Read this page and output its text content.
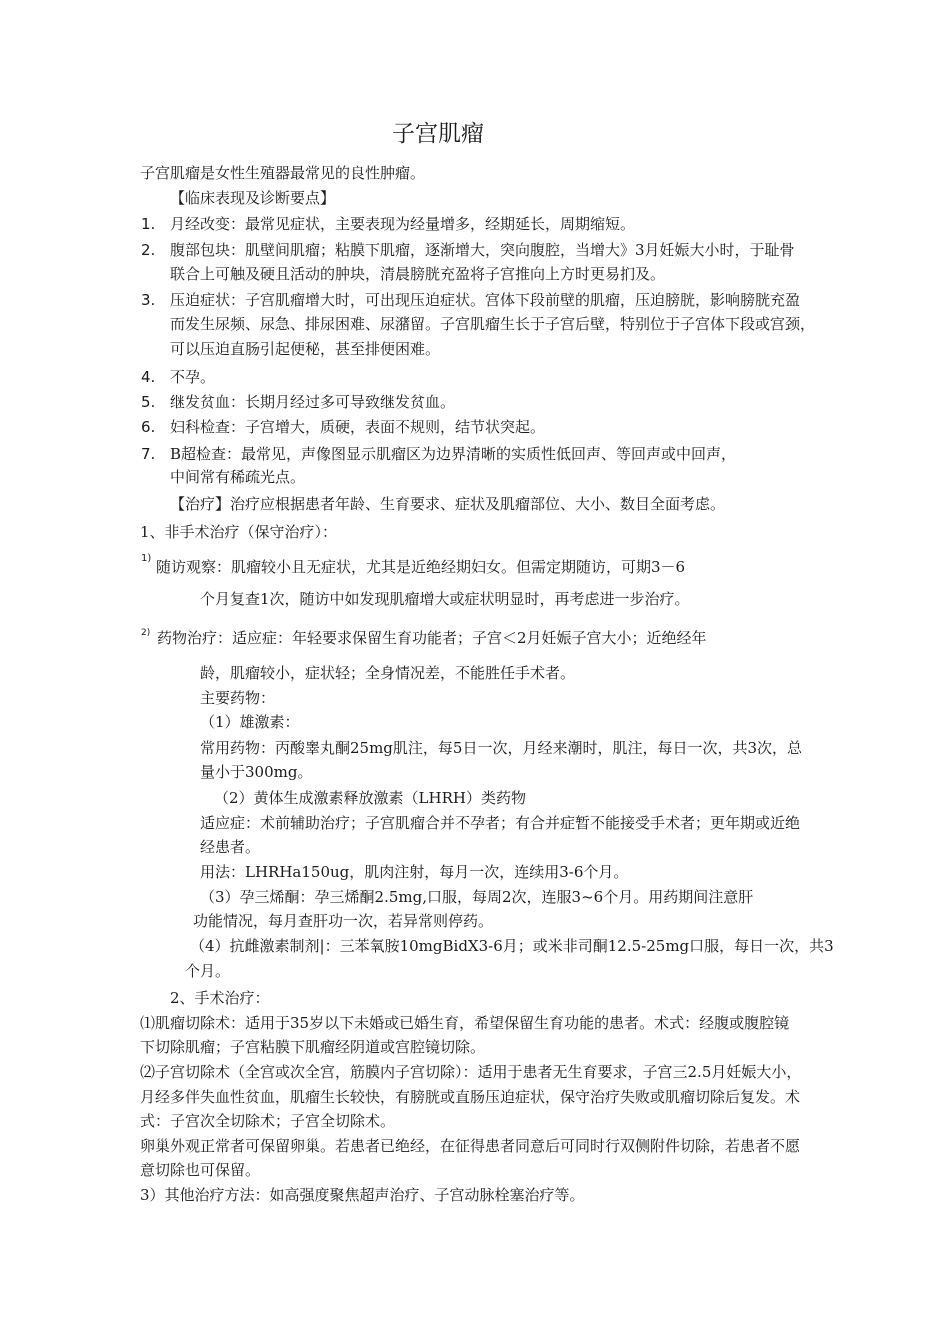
子宫肌瘤
子宫肌瘤是女性生殖器最常见的良性肿瘤。
【临床表现及诊断要点】
1. 月经改变：最常见症状，主要表现为经量增多，经期延长，周期缩短。
2. 腹部包块：肌壁间肌瘤；粘膜下肌瘤，逐渐增大，突向腹腔，当增大》3月妊娠大小时，于耻骨
联合上可触及硬且活动的肿块，清晨膀胱充盈将子宫推向上方时更易扪及。
3. 压迫症状：子宫肌瘤增大时，可出现压迫症状。宫体下段前壁的肌瘤，压迫膀胱，影响膀胱充盈
而发生尿频、尿急、排尿困难、尿潴留。子宫肌瘤生长于子宫后壁，特别位于子宫体下段或宫颈，
可以压迫直肠引起便秘，甚至排便困难。
4. 不孕。
5. 继发贫血：长期月经过多可导致继发贫血。
6. 妇科检查：子宫增大，质硬，表面不规则，结节状突起。
7. B超检查：最常见，声像图显示肌瘤区为边界清晰的实质性低回声、等回声或中回声，
中间常有稀疏光点。
【治疗】治疗应根据患者年龄、生育要求、症状及肌瘤部位、大小、数目全面考虑。
1、非手术治疗（保守治疗）：
1) 随访观察：肌瘤较小且无症状，尤其是近绝经期妇女。但需定期随访，可期3－6
个月复查1次，随访中如发现肌瘤增大或症状明显时，再考虑进一步治疗。
2) 药物治疗：适应症：年轻要求保留生育功能者；子宫＜2月妊娠子宫大小；近绝经年
龄，肌瘤较小，症状轻；全身情况差，不能胜任手术者。
主要药物：
（1）雄激素：
常用药物：丙酸睾丸酮25mg肌注，每5日一次，月经来潮时，肌注，每日一次，共3次，总
量小于300mg。
（2）黄体生成激素释放激素（LHRH）类药物
适应症：术前辅助治疗；子宫肌瘤合并不孕者；有合并症暂不能接受手术者；更年期或近绝
经患者。
用法：LHRHa150ug，肌肉注射，每月一次，连续用3-6个月。
（3）孕三烯酮：孕三烯酮2.5mg,口服，每周2次，连服3~6个月。用药期间注意肝
功能情况，每月查肝功一次，若异常则停药。
（4）抗雌激素制剂|：三苯氧胺10mgBidX3-6月；或米非司酮12.5-25mg口服，每日一次，共3
个月。
2、手术治疗：
⑴肌瘤切除术：适用于35岁以下未婚或已婚生育，希望保留生育功能的患者。术式：经腹或腹腔镜
下切除肌瘤；子宫粘膜下肌瘤经阴道或宫腔镜切除。
⑵子宫切除术（全宫或次全宫，筋膜内子宫切除）：适用于患者无生育要求，子宫三2.5月妊娠大小，
月经多伴失血性贫血，肌瘤生长较快，有膀胱或直肠压迫症状，保守治疗失败或肌瘤切除后复发。术
式：子宫次全切除术；子宫全切除术。
卵巢外观正常者可保留卵巢。若患者已绝经，在征得患者同意后可同时行双侧附件切除，若患者不愿
意切除也可保留。
3）其他治疗方法：如高强度聚焦超声治疗、子宫动脉栓塞治疗等。
